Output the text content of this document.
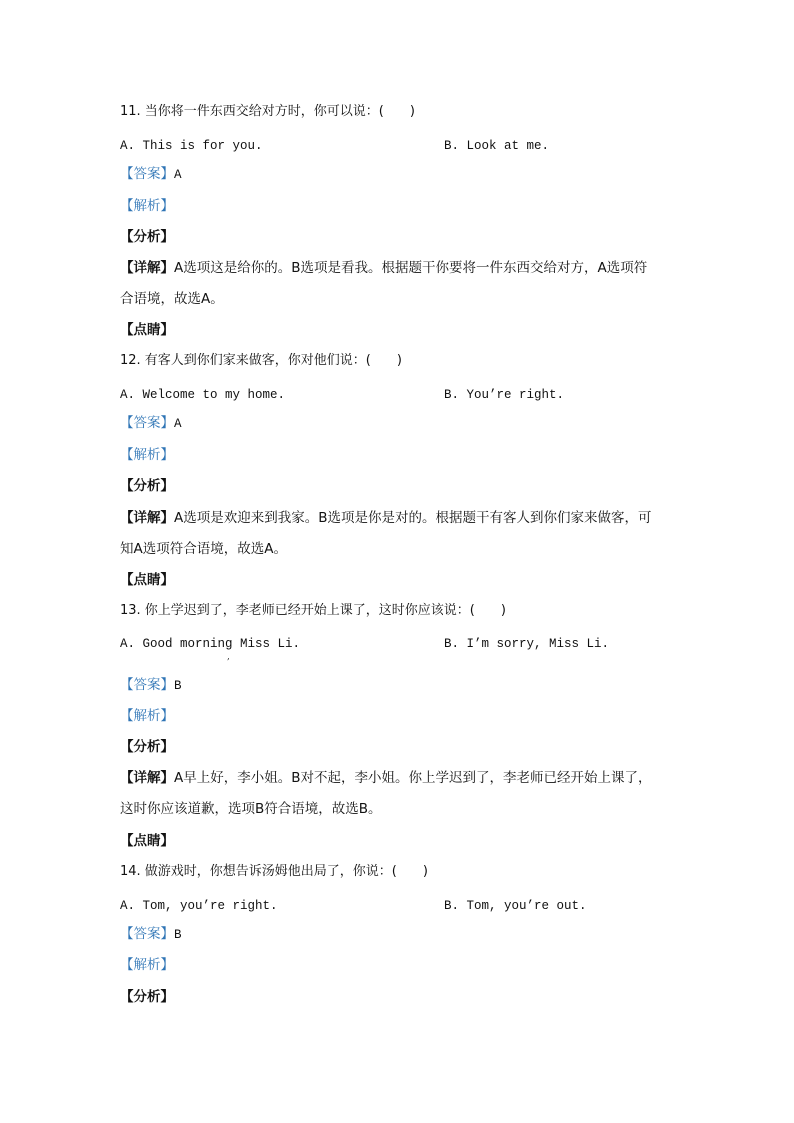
11. 当你将一件东西交给对方时，你可以说：(　　)
A. This is for you.	B. Look at me.
【答案】A
【解析】
【分析】
【详解】A选项这是给你的。B选项是看我。根据题干你要将一件东西交给对方，A选项符
合语境，故选A。
【点睛】
12. 有客人到你们家来做客，你对他们说：(　　)
A. Welcome to my home.	B. You’re right.
【答案】A
【解析】
【分析】
【详解】A选项是欢迎来到我家。B选项是你是对的。根据题干有客人到你们家来做客，可
知A选项符合语境，故选A。
【点睛】
13. 你上学迟到了，李老师已经开始上课了，这时你应该说：(　　)
A. Good morning Miss Li.	B. I’m sorry, Miss Li.
,
【答案】B
【解析】
【分析】
【详解】A早上好，李小姐。B对不起，李小姐。你上学迟到了，李老师已经开始上课了，
这时你应该道歉，选项B符合语境，故选B。
【点睛】
14. 做游戏时，你想告诉汤姆他出局了，你说：(　　)
A. Tom, you’re right.	B. Tom, you’re out.
【答案】B
【解析】
【分析】
